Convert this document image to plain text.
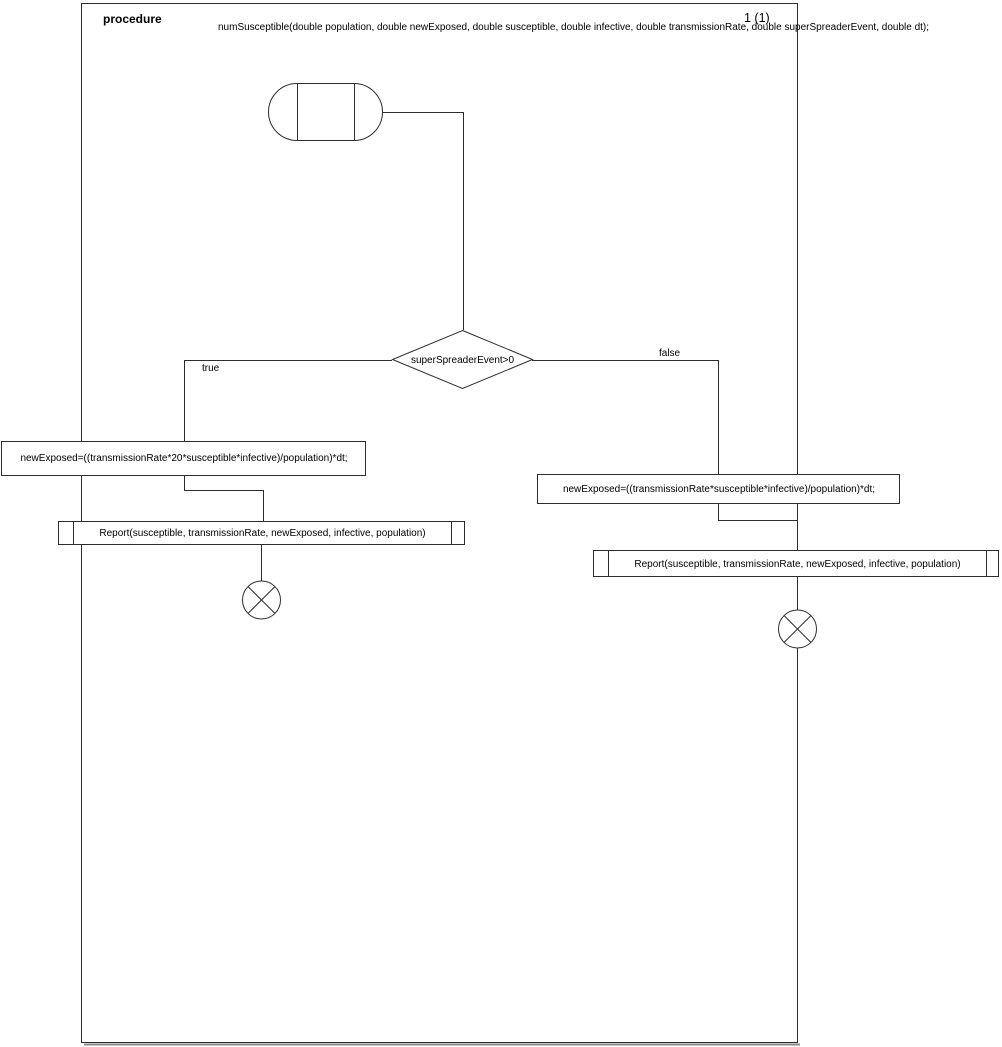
procedure
numSusceptible(double population, double newExposed, double susceptible, double infective, double transmissionRate, double superSpreaderEvent, double dt);
1 (1)
superSpreaderEvent>0
true
false
newExposed=((transmissionRate*20*susceptible*infective)/population)*dt;
Report(susceptible, transmissionRate, newExposed, infective, population)
newExposed=((transmissionRate*susceptible*infective)/population)*dt;
Report(susceptible, transmissionRate, newExposed, infective, population)
